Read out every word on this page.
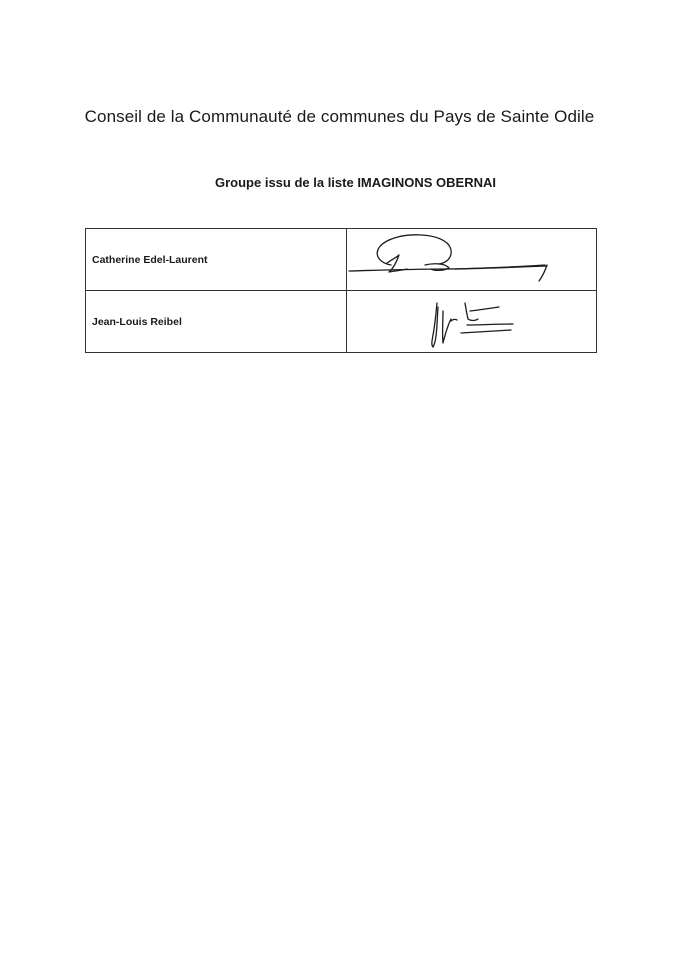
Conseil de la Communauté de communes du Pays de Sainte Odile
Groupe issu de la liste IMAGINONS OBERNAI
Catherine Edel-Laurent	

Jean-Louis Reibel	
